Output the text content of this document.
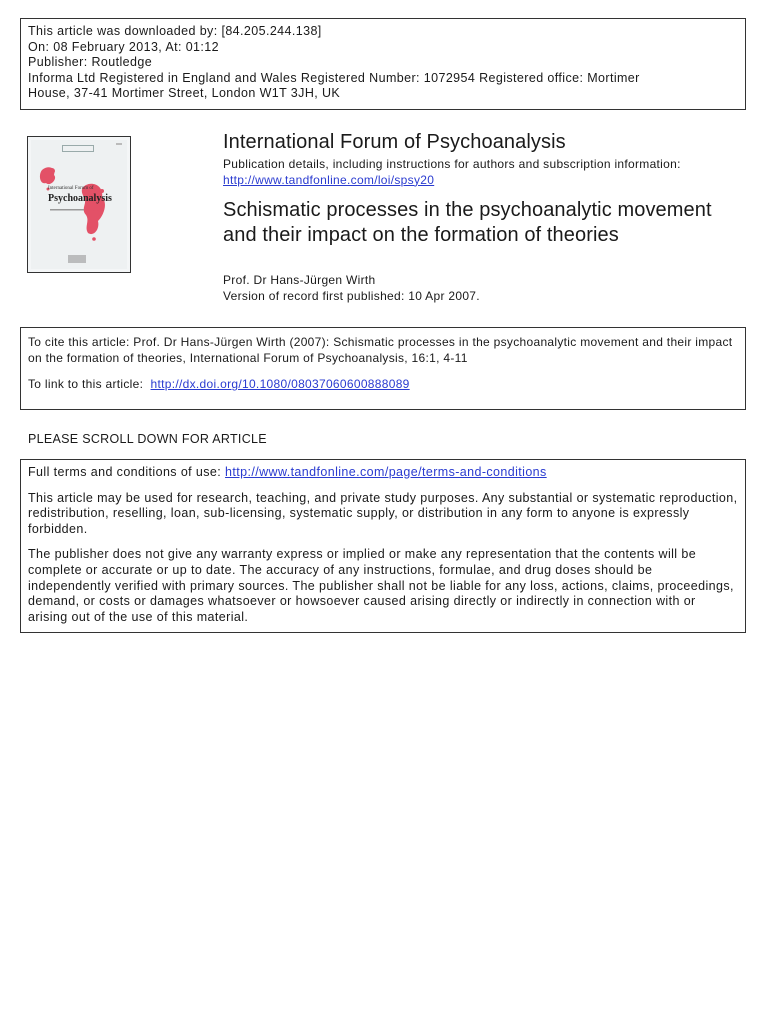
This article was downloaded by: [84.205.244.138]
On: 08 February 2013, At: 01:12
Publisher: Routledge
Informa Ltd Registered in England and Wales Registered Number: 1072954 Registered office: Mortimer
House, 37-41 Mortimer Street, London W1T 3JH, UK
International Forum of
Psychoanalysis
International Forum of Psychoanalysis
Publication details, including instructions for authors and subscription information:
http://www.tandfonline.com/loi/spsy20
Schismatic processes in the psychoanalytic movement and their impact on the formation of theories
Prof. Dr Hans-Jürgen Wirth
Version of record first published: 10 Apr 2007.

To cite this article: Prof. Dr Hans-Jürgen Wirth (2007): Schismatic processes in the psychoanalytic movement and their impact on the formation of theories, International Forum of Psychoanalysis, 16:1, 4-11

To link to this article: http://dx.doi.org/10.1080/08037060600888089

PLEASE SCROLL DOWN FOR ARTICLE

Full terms and conditions of use: http://www.tandfonline.com/page/terms-and-conditions

This article may be used for research, teaching, and private study purposes. Any substantial or systematic reproduction, redistribution, reselling, loan, sub-licensing, systematic supply, or distribution in any form to anyone is expressly forbidden.

The publisher does not give any warranty express or implied or make any representation that the contents will be complete or accurate or up to date. The accuracy of any instructions, formulae, and drug doses should be independently verified with primary sources. The publisher shall not be liable for any loss, actions, claims, proceedings, demand, or costs or damages whatsoever or howsoever caused arising directly or indirectly in connection with or arising out of the use of this material.
